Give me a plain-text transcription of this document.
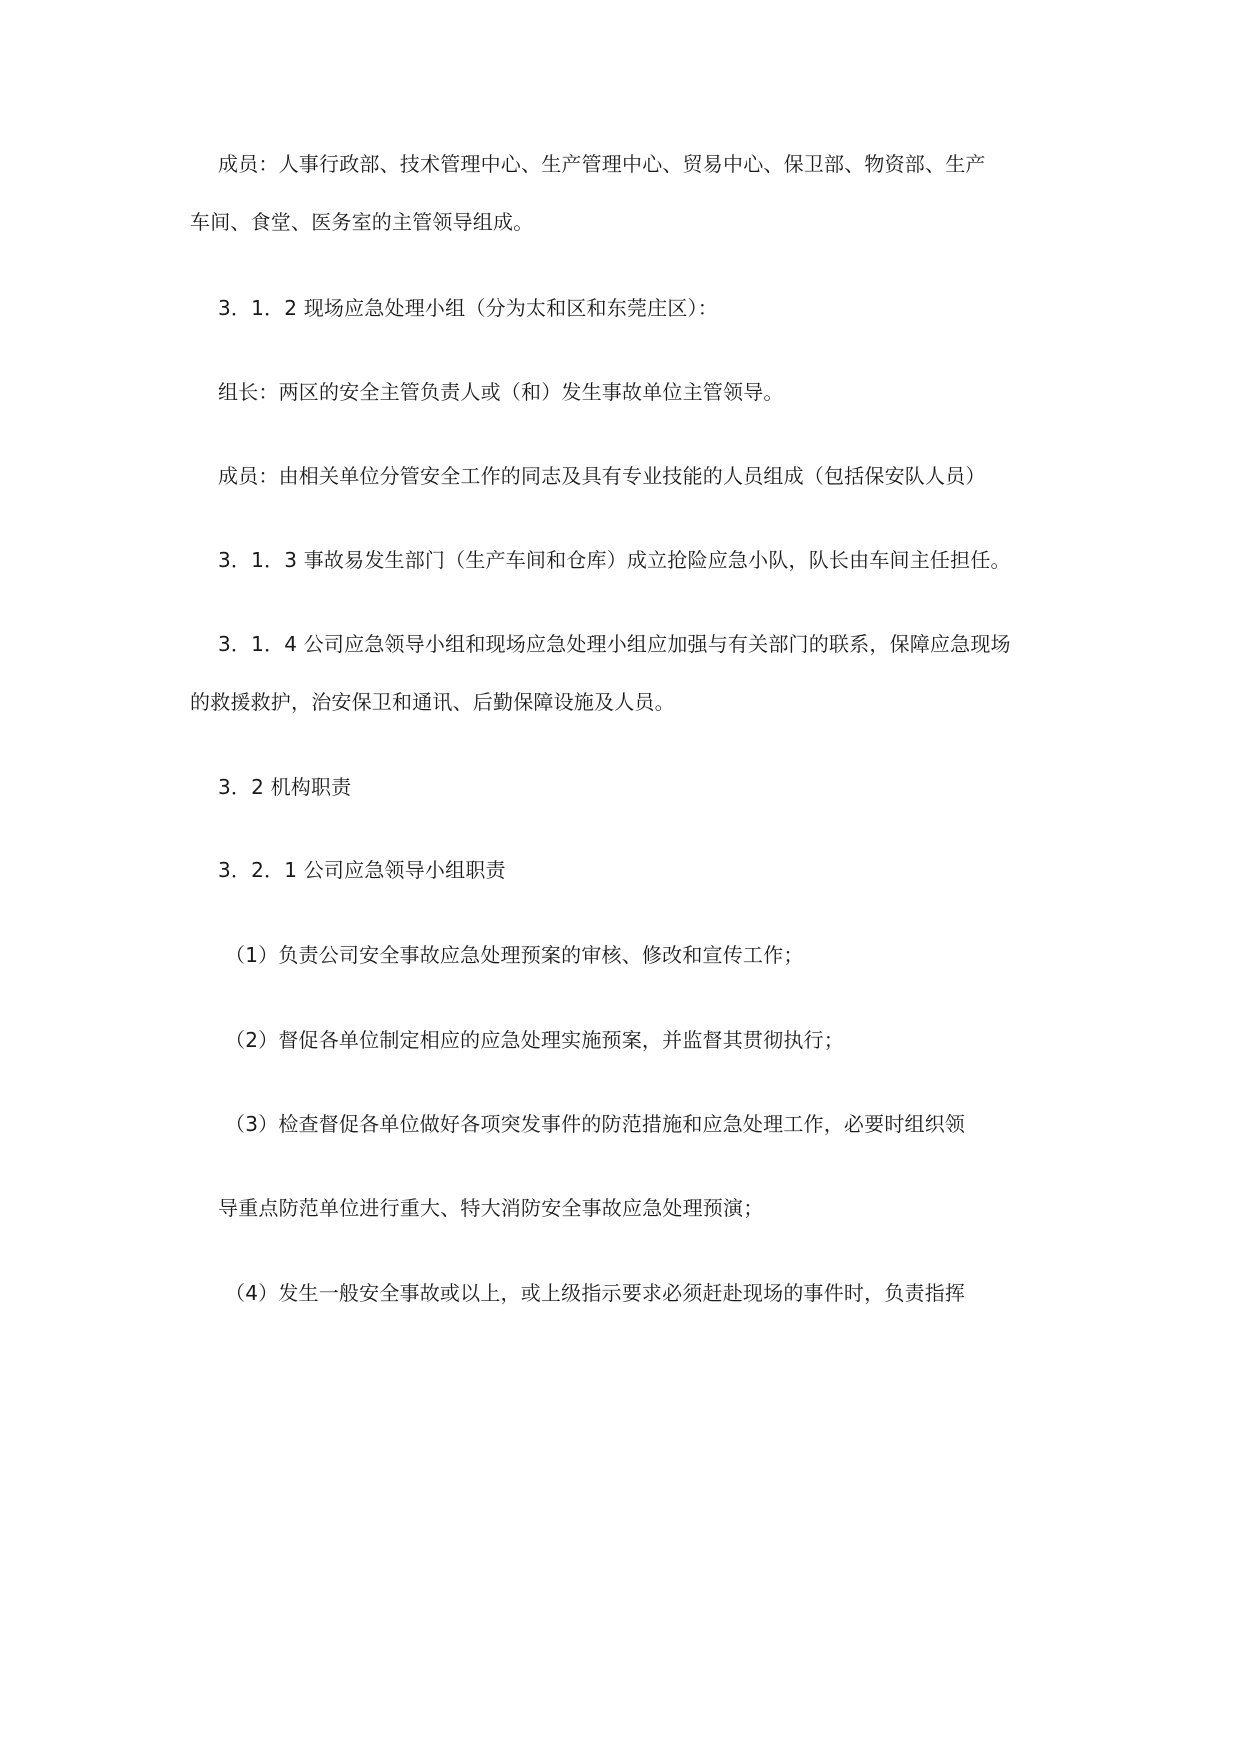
成员：人事行政部、技术管理中心、生产管理中心、贸易中心、保卫部、物资部、生产
车间、食堂、医务室的主管领导组成。
3．1．2 现场应急处理小组（分为太和区和东莞庄区）：
组长：两区的安全主管负责人或（和）发生事故单位主管领导。
成员：由相关单位分管安全工作的同志及具有专业技能的人员组成（包括保安队人员）
3．1．3 事故易发生部门（生产车间和仓库）成立抢险应急小队，队长由车间主任担任。
3．1．4 公司应急领导小组和现场应急处理小组应加强与有关部门的联系，保障应急现场
的救援救护，治安保卫和通讯、后勤保障设施及人员。
3．2 机构职责
3．2．1 公司应急领导小组职责
（1）负责公司安全事故应急处理预案的审核、修改和宣传工作；
（2）督促各单位制定相应的应急处理实施预案，并监督其贯彻执行；
（3）检查督促各单位做好各项突发事件的防范措施和应急处理工作，必要时组织领
导重点防范单位进行重大、特大消防安全事故应急处理预演；
（4）发生一般安全事故或以上，或上级指示要求必须赶赴现场的事件时，负责指挥
